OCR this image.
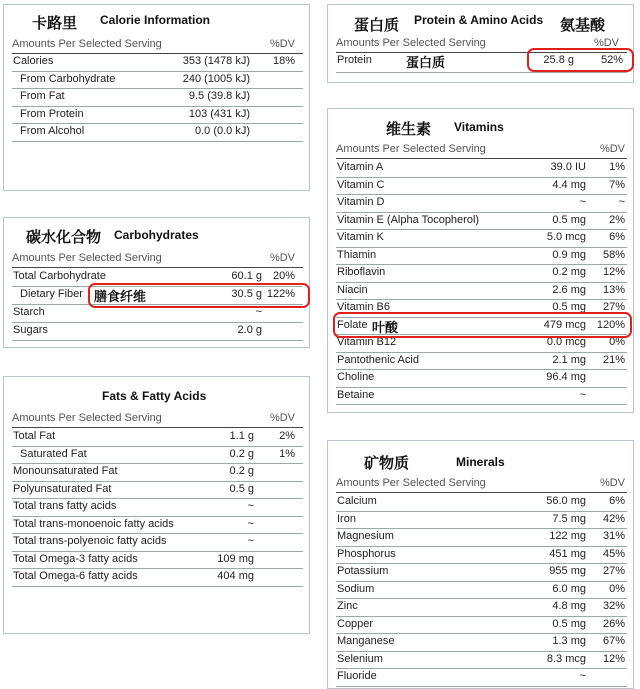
卡路里 Calorie Information
Amounts Per Selected Serving	%DV
Calories	353 (1478 kJ) 18%
From Carbohydrate	240 (1005 kJ)
From Fat	9.5 (39.8 kJ)
From Protein	103 (431 kJ)
From Alcohol	0.0 (0.0 kJ)
碳水化合物 Carbohydrates
Amounts Per Selected Serving	%DV
Total Carbohydrate	60.1 g 20%
Dietary Fiber 膳食纤维	30.5 g 122%
Starch	~
Sugars	2.0 g
Fats & Fatty Acids
Amounts Per Selected Serving	%DV
Total Fat	1.1 g 2%
Saturated Fat	0.2 g 1%
Monounsaturated Fat	0.2 g
Polyunsaturated Fat	0.5 g
Total trans fatty acids	~
Total trans-monoenoic fatty acids	~
Total trans-polyenoic fatty acids	~
Total Omega-3 fatty acids	109 mg
Total Omega-6 fatty acids	404 mg
蛋白质 Protein & Amino Acids 氨基酸
Amounts Per Selected Serving	%DV
Protein	蛋白质	25.8 g 52%
维生素 Vitamins
Amounts Per Selected Serving	%DV
Vitamin A	39.0 IU 1%
Vitamin C	4.4 mg 7%
Vitamin D	~	~
Vitamin E (Alpha Tocopherol)	0.5 mg 2%
Vitamin K	5.0 mcg 6%
Thiamin	0.9 mg 58%
Riboflavin	0.2 mg 12%
Niacin	2.6 mg 13%
Vitamin B6	0.5 mg 27%
Folate 叶酸	479 mcg 120%
Vitamin B12	0.0 mcg 0%
Pantothenic Acid	2.1 mg 21%
Choline	96.4 mg
Betaine	~
矿物质	Minerals
Amounts Per Selected Serving	%DV
Calcium	56.0 mg 6%
Iron	7.5 mg 42%
Magnesium	122 mg 31%
Phosphorus	451 mg 45%
Potassium	955 mg 27%
Sodium	6.0 mg 0%
Zinc	4.8 mg 32%
Copper	0.5 mg 26%
Manganese	1.3 mg 67%
Selenium	8.3 mcg 12%
Fluoride	~
